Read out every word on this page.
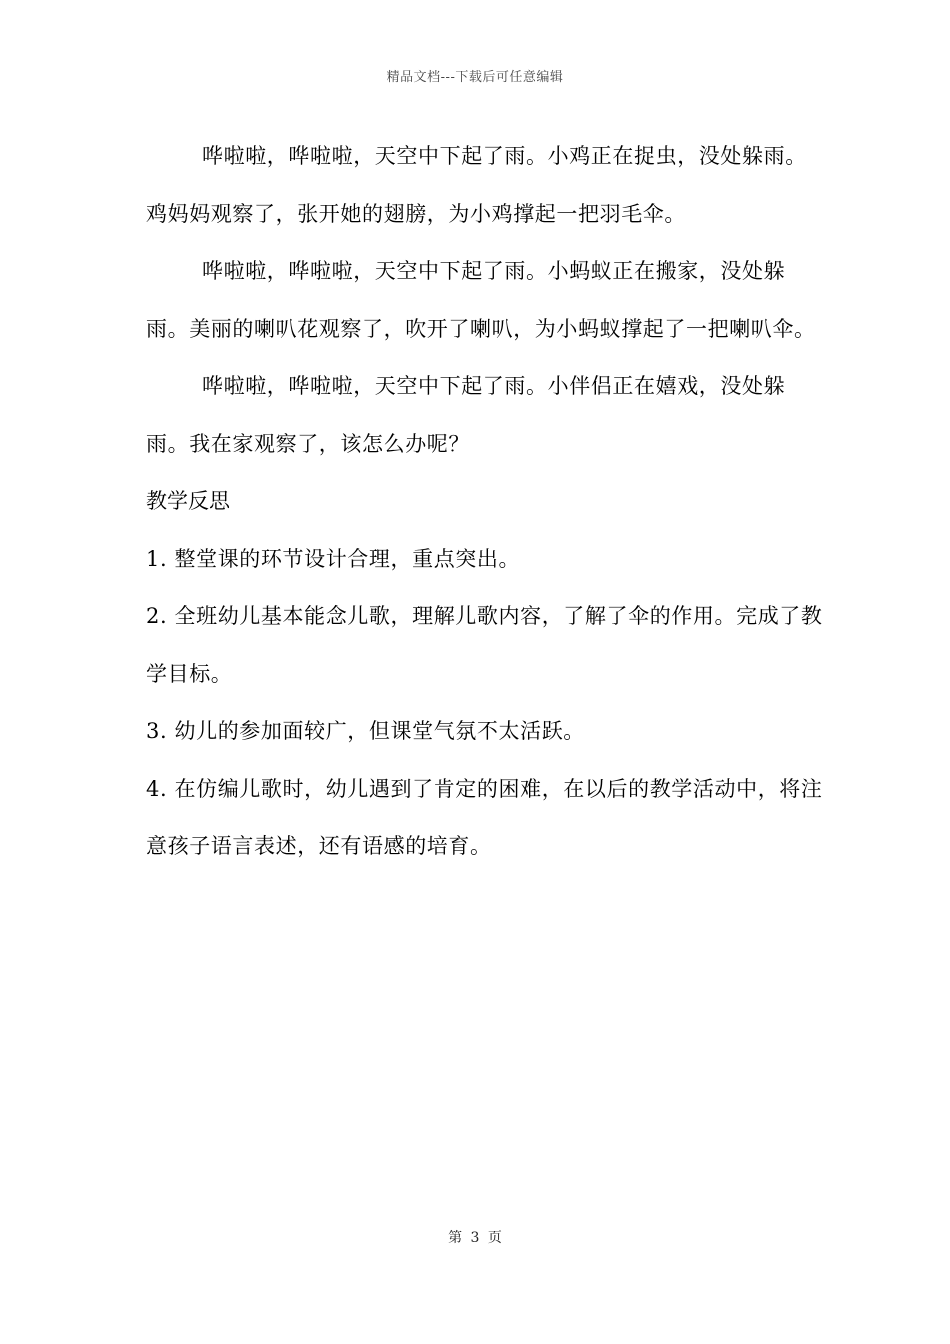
精品文档---下载后可任意编辑

哗啦啦，哗啦啦，天空中下起了雨。小鸡正在捉虫，没处躲雨。鸡妈妈观察了，张开她的翅膀，为小鸡撑起一把羽毛伞。

哗啦啦，哗啦啦，天空中下起了雨。小蚂蚁正在搬家，没处躲雨。美丽的喇叭花观察了，吹开了喇叭，为小蚂蚁撑起了一把喇叭伞。

哗啦啦，哗啦啦，天空中下起了雨。小伴侣正在嬉戏，没处躲雨。我在家观察了，该怎么办呢？

教学反思

1. 整堂课的环节设计合理，重点突出。

2. 全班幼儿基本能念儿歌，理解儿歌内容，了解了伞的作用。完成了教学目标。

3. 幼儿的参加面较广，但课堂气氛不太活跃。

4. 在仿编儿歌时，幼儿遇到了肯定的困难，在以后的教学活动中，将注意孩子语言表述，还有语感的培育。

第 3 页
